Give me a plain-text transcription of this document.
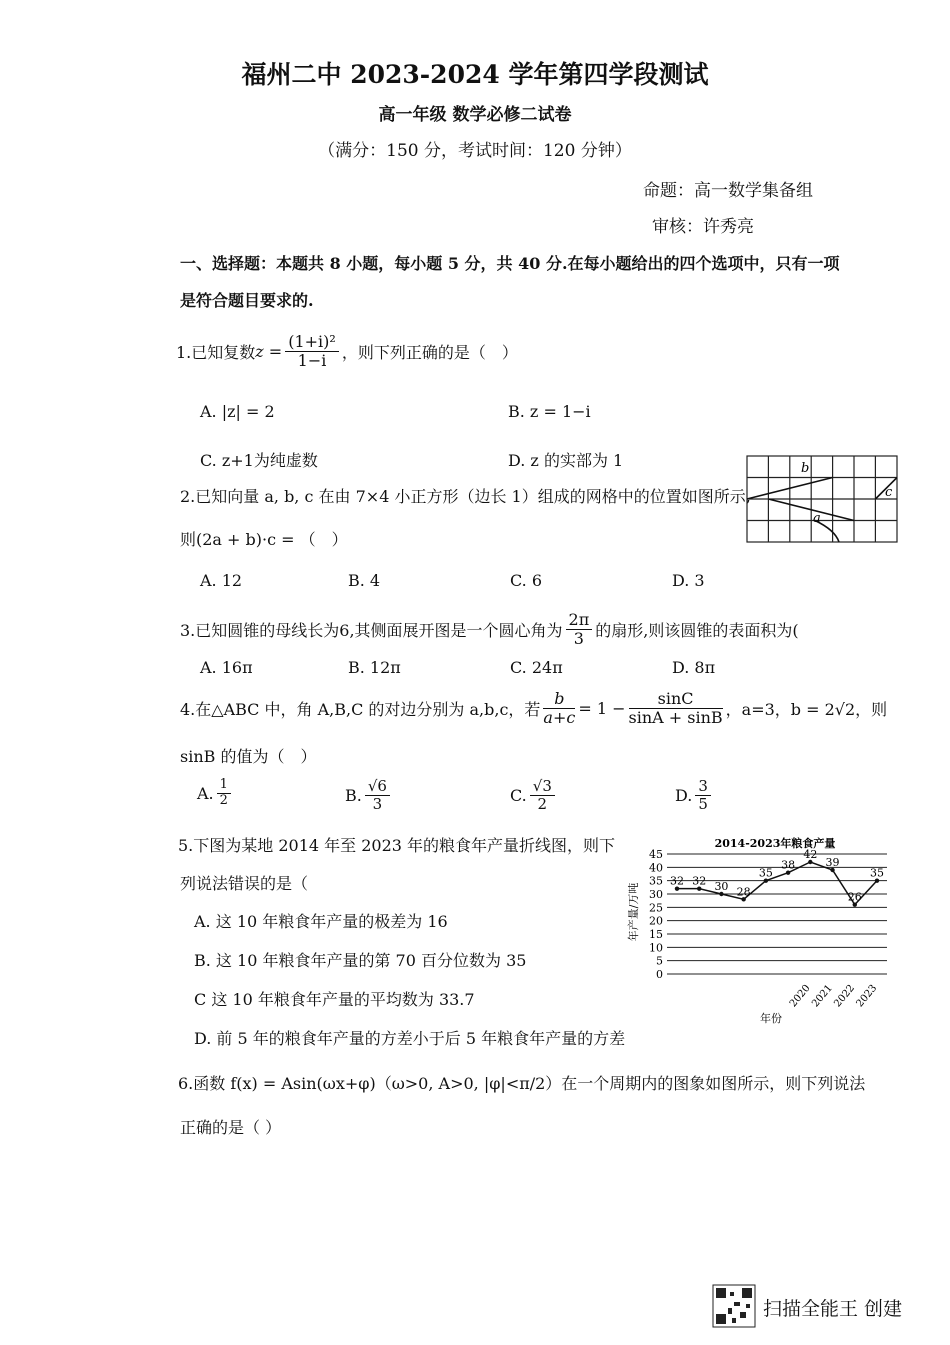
福州二中 2023-2024 学年第四学段测试
高一年级 数学必修二试卷
（满分：150 分，考试时间：120 分钟）
命题：高一数学集备组
审核：许秀亮
一、选择题：本题共 8 小题，每小题 5 分，共 40 分.在每小题给出的四个选项中，只有一项
是符合题目要求的.
1.已知复数 $z = \frac{\text{(1+i)²}}{1-i}$ ，则下列正确的是（　）
A. |z| = 2	B. z = 1−i
C. z+1为纯虚数	D. z 的实部为 1
2.已知向量 a, b, c 在由 7×4 小正方形（边长 1）组成的网格中的位置如图所示,
则(2a + b)·c = （　）
A. 12	B. 4	C. 6	D. 3
b
a
c
3.已知圆锥的母线长为6,其侧面展开图是一个圆心角为 $\frac{2\pi}{3}$ 的扇形,则该圆锥的表面积为(
A. 16π	B. 12π	C. 24π	D. 8π
4.在△ABC 中，角 A,B,C 的对边分别为 a,b,c，若 $\frac{b}{a+c} = 1 - \frac{\sin C}{\sin A + \sin B}$ ，a=3，b = 2√2，则
sinB 的值为（　）
A. $\frac{1}{2}$	B. $\frac{√6}{3}$	C. $\frac{√3}{2}$	D. $\frac{3}{5}$
5.下图为某地 2014 年至 2023 年的粮食年产量折线图，则下
列说法错误的是（
A. 这 10 年粮食年产量的极差为 16
B. 这 10 年粮食年产量的第 70 百分位数为 35
C 这 10 年粮食年产量的平均数为 33.7
D. 前 5 年的粮食年产量的方差小于后 5 年粮食年产量的方差
2014-2023年粮食产量
年产量/万吨
年份
0
5
10
15
20
25
30
35
40
45
2020
2021
2022
2023
32 32 30 28
35
38
42
39
26
35
6.函数 f(x) = Asin(ωx+φ)（ω>0, A>0, |φ|<π/2）在一个周期内的图象如图所示，则下列说法
正确的是（ ）
扫描全能王 创建
